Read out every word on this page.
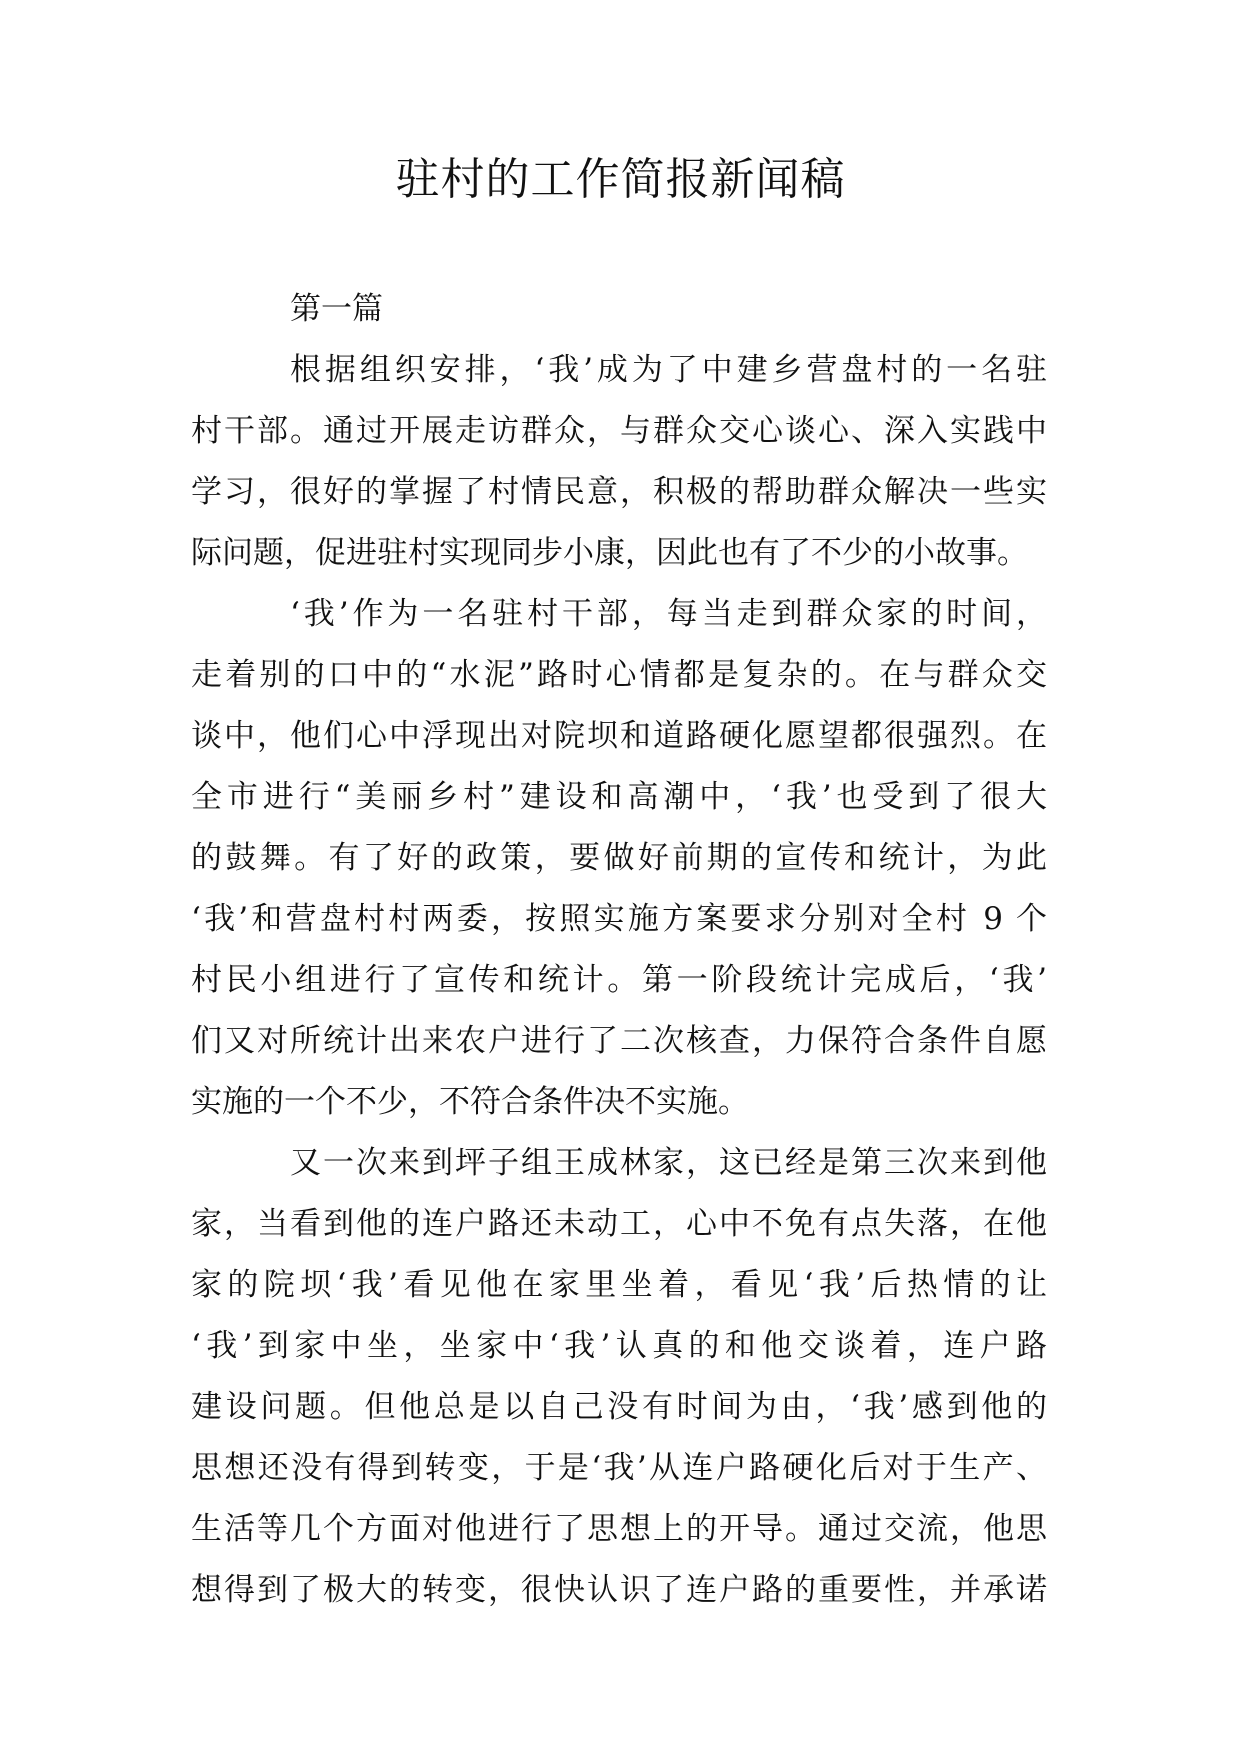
驻村的工作简报新闻稿
第一篇
根据组织安排，‘我’成为了中建乡营盘村的一名驻
村干部。通过开展走访群众，与群众交心谈心、深入实践中
学习，很好的掌握了村情民意，积极的帮助群众解决一些实
际问题，促进驻村实现同步小康，因此也有了不少的小故事。
‘我’作为一名驻村干部，每当走到群众家的时间，
走着别的口中的“水泥”路时心情都是复杂的。在与群众交
谈中，他们心中浮现出对院坝和道路硬化愿望都很强烈。在
全市进行“美丽乡村”建设和高潮中，‘我’也受到了很大
的鼓舞。有了好的政策，要做好前期的宣传和统计，为此
‘我’和营盘村村两委，按照实施方案要求分别对全村 9 个
村民小组进行了宣传和统计。第一阶段统计完成后，‘我’
们又对所统计出来农户进行了二次核查，力保符合条件自愿
实施的一个不少，不符合条件决不实施。
又一次来到坪子组王成林家，这已经是第三次来到他
家，当看到他的连户路还未动工，心中不免有点失落，在他
家的院坝‘我’看见他在家里坐着，看见‘我’后热情的让
‘我’到家中坐，坐家中‘我’认真的和他交谈着，连户路
建设问题。但他总是以自己没有时间为由，‘我’感到他的
思想还没有得到转变，于是‘我’从连户路硬化后对于生产、
生活等几个方面对他进行了思想上的开导。通过交流，他思
想得到了极大的转变，很快认识了连户路的重要性，并承诺
